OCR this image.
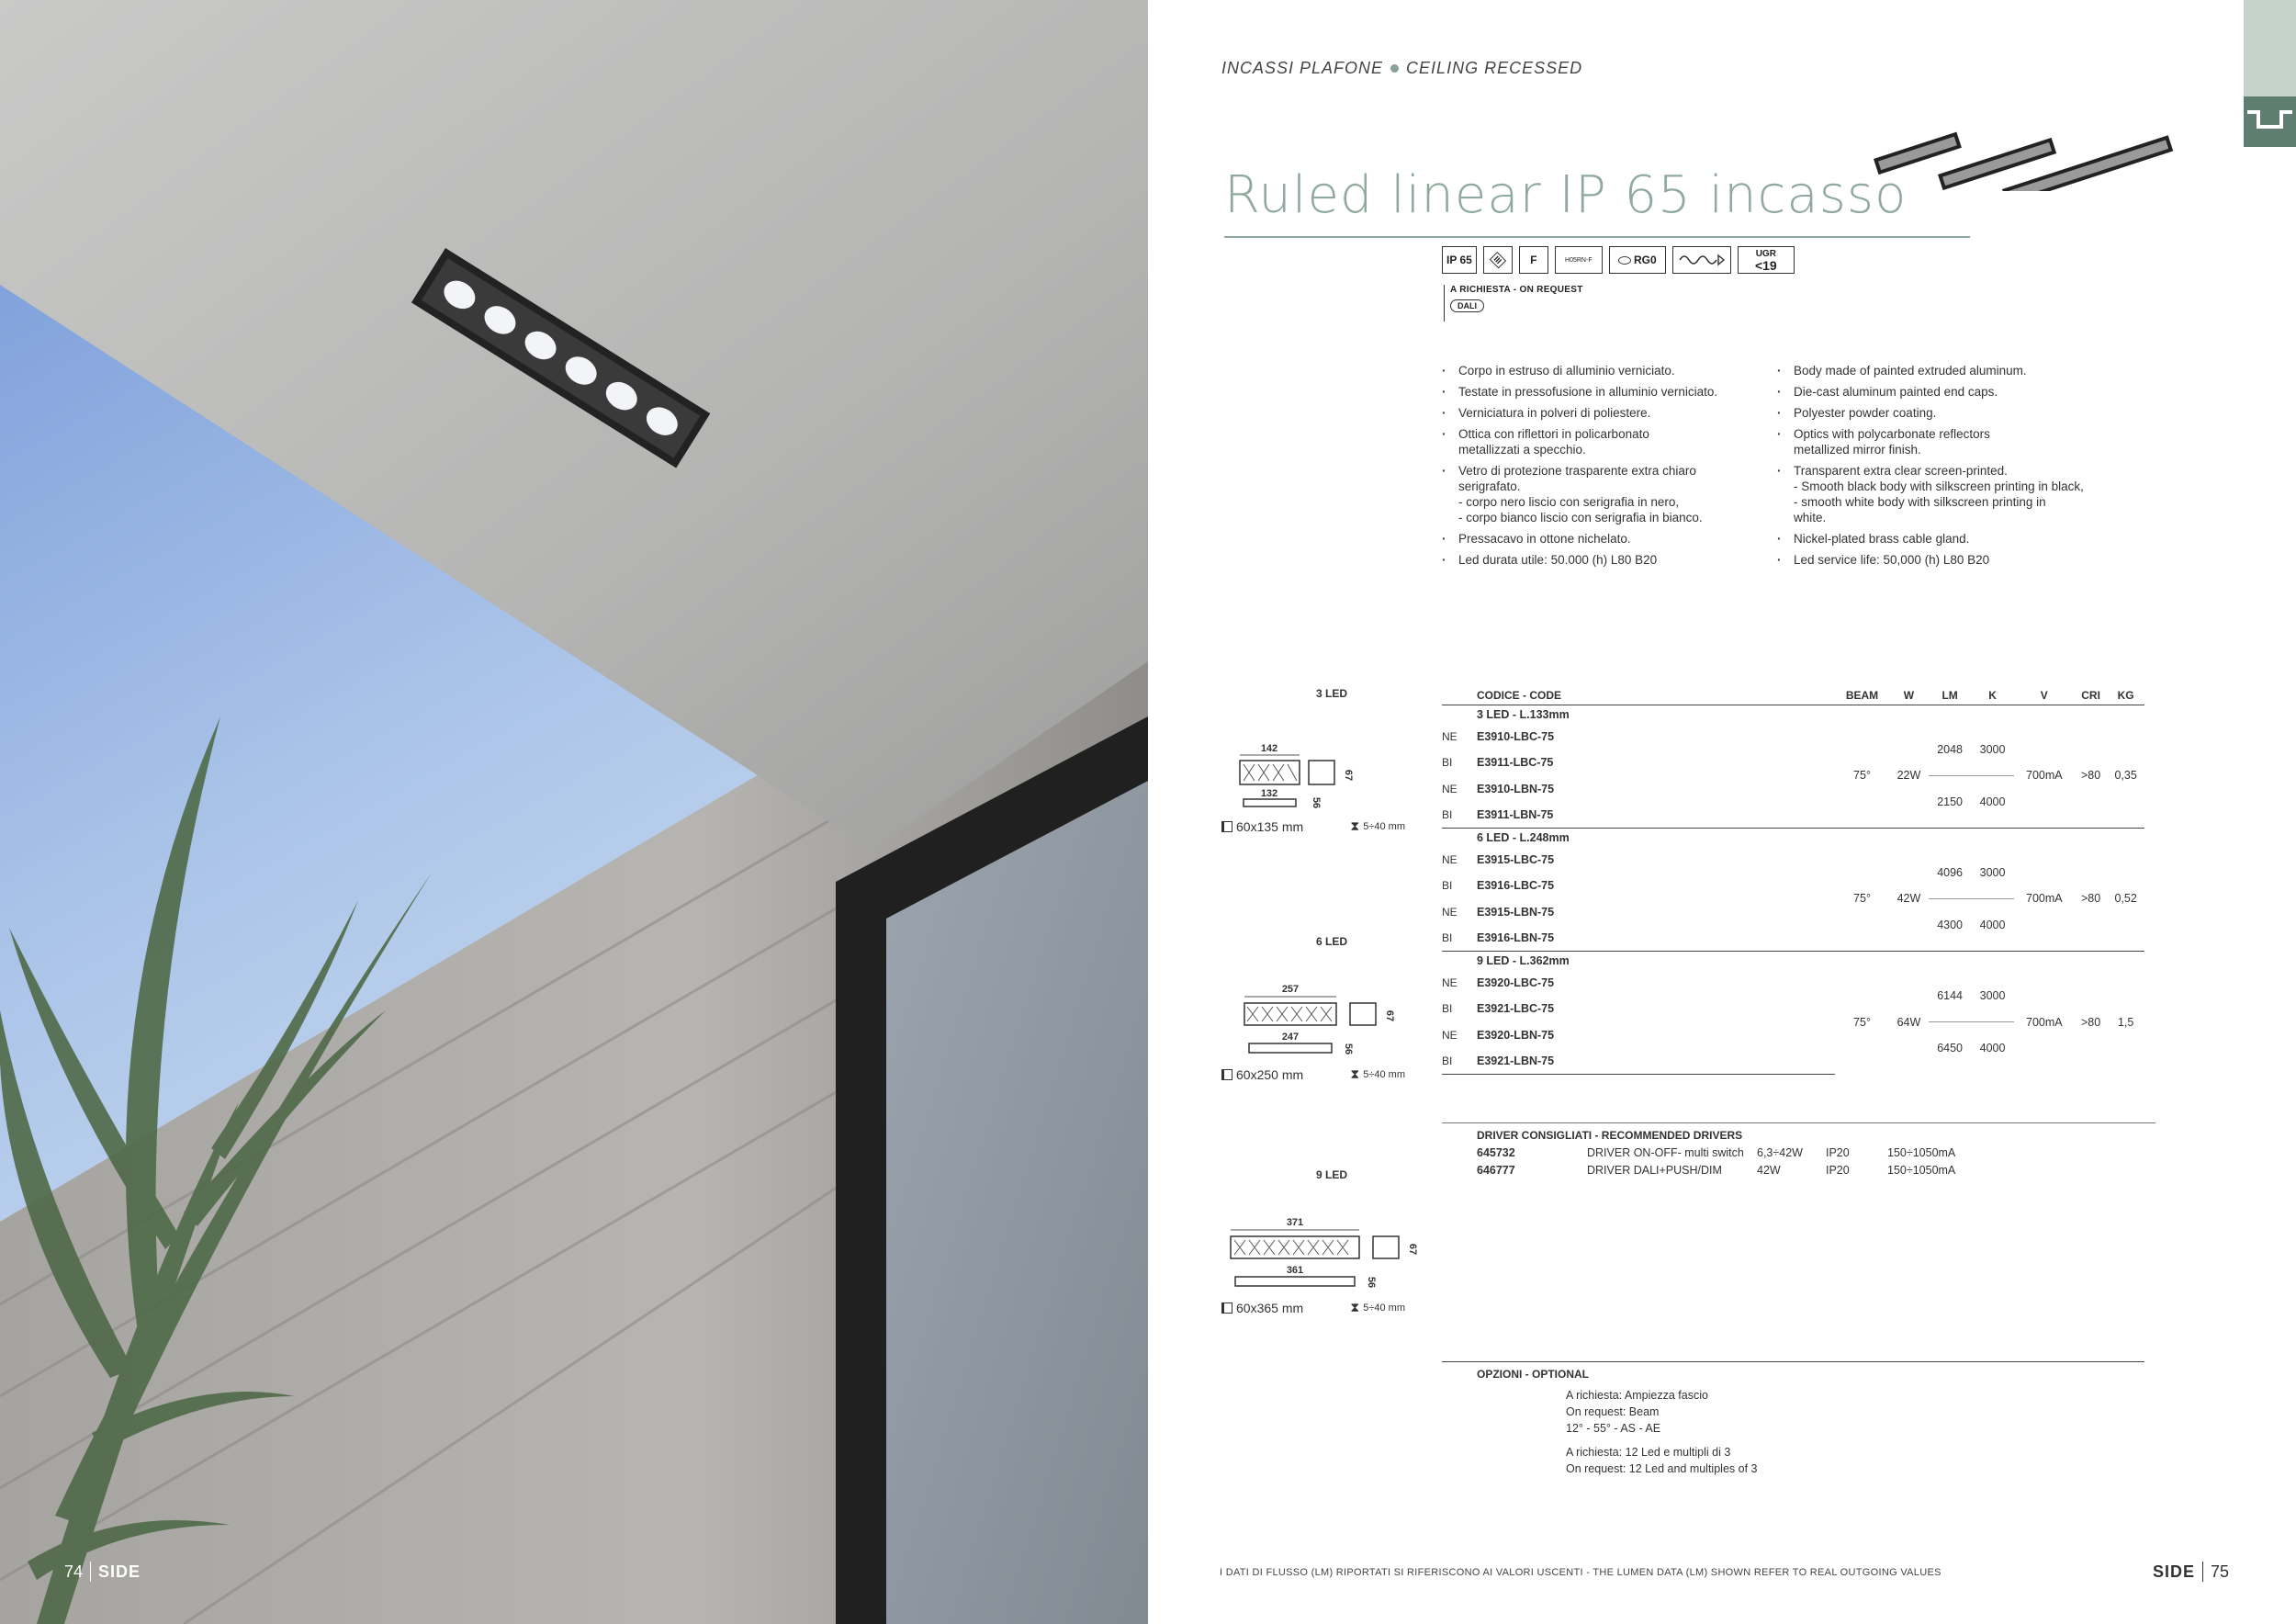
74 SIDE
INCASSI PLAFONE CEILING RECESSED
Ruled linear IP 65 incasso
IP 65	III F	H05RN-F	RG0	UGR
<19
A RICHIESTA - ON REQUEST
DALI
· Corpo in estruso di alluminio verniciato.
· Testate in pressofusione in alluminio verniciato.
· Verniciatura in polveri di poliestere.
· Ottica con riflettori in policarbonato
metallizzati a specchio.
· Vetro di protezione trasparente extra chiaro
serigrafato.
- corpo nero liscio con serigrafia in nero,
- corpo bianco liscio con serigrafia in bianco.
· Pressacavo in ottone nichelato.
· Led durata utile: 50.000 (h) L80 B20
· Body made of painted extruded aluminum.
· Die-cast aluminum painted end caps.
· Polyester powder coating.
· Optics with polycarbonate reflectors
metallized mirror finish.
· Transparent extra clear screen-printed.
- Smooth black body with silkscreen printing in black,
- smooth white body with silkscreen printing in
white.
· Nickel-plated brass cable gland.
· Led service life: 50,000 (h) L80 B20
3 LED
142
67
132
56
60x135 mm	⧗ 5÷40 mm
6 LED
257
67
247
56
60x250 mm	⧗ 5÷40 mm
9 LED
371
67
361
56
60x365 mm	⧗ 5÷40 mm
	CODICE - CODE	BEAM	W	LM	K	V	CRI	KG
	3 LED - L.133mm							
NE	E3910-LBC-75	75°	22W	2048	3000	700mA	>80	0,35
BI	E3911-LBC-75							
NE	E3910-LBN-75			2150	4000			
BI	E3911-LBN-75							
	6 LED - L.248mm							
NE	E3915-LBC-75	75°	42W	4096	3000	700mA	>80	0,52
BI	E3916-LBC-75							
NE	E3915-LBN-75			4300	4000			
BI	E3916-LBN-75							
	9 LED - L.362mm							
NE	E3920-LBC-75	75°	64W	6144	3000	700mA	>80	1,5
BI	E3921-LBC-75							
NE	E3920-LBN-75			6450	4000			
BI	E3921-LBN-75							
DRIVER CONSIGLIATI - RECOMMENDED DRIVERS
645732	DRIVER ON-OFF- multi switch	6,3÷42W	IP20	150÷1050mA
646777	DRIVER DALI+PUSH/DIM	42W	IP20	150÷1050mA
OPZIONI - OPTIONAL

A richiesta: Ampiezza fascio
On request: Beam
12° - 55° - AS - AE

A richiesta: 12 Led e multipli di 3
On request: 12 Led and multiples of 3

I DATI DI FLUSSO (LM) RIPORTATI SI RIFERISCONO AI VALORI USCENTI - THE LUMEN DATA (LM) SHOWN REFER TO REAL OUTGOING VALUES	SIDE 75
